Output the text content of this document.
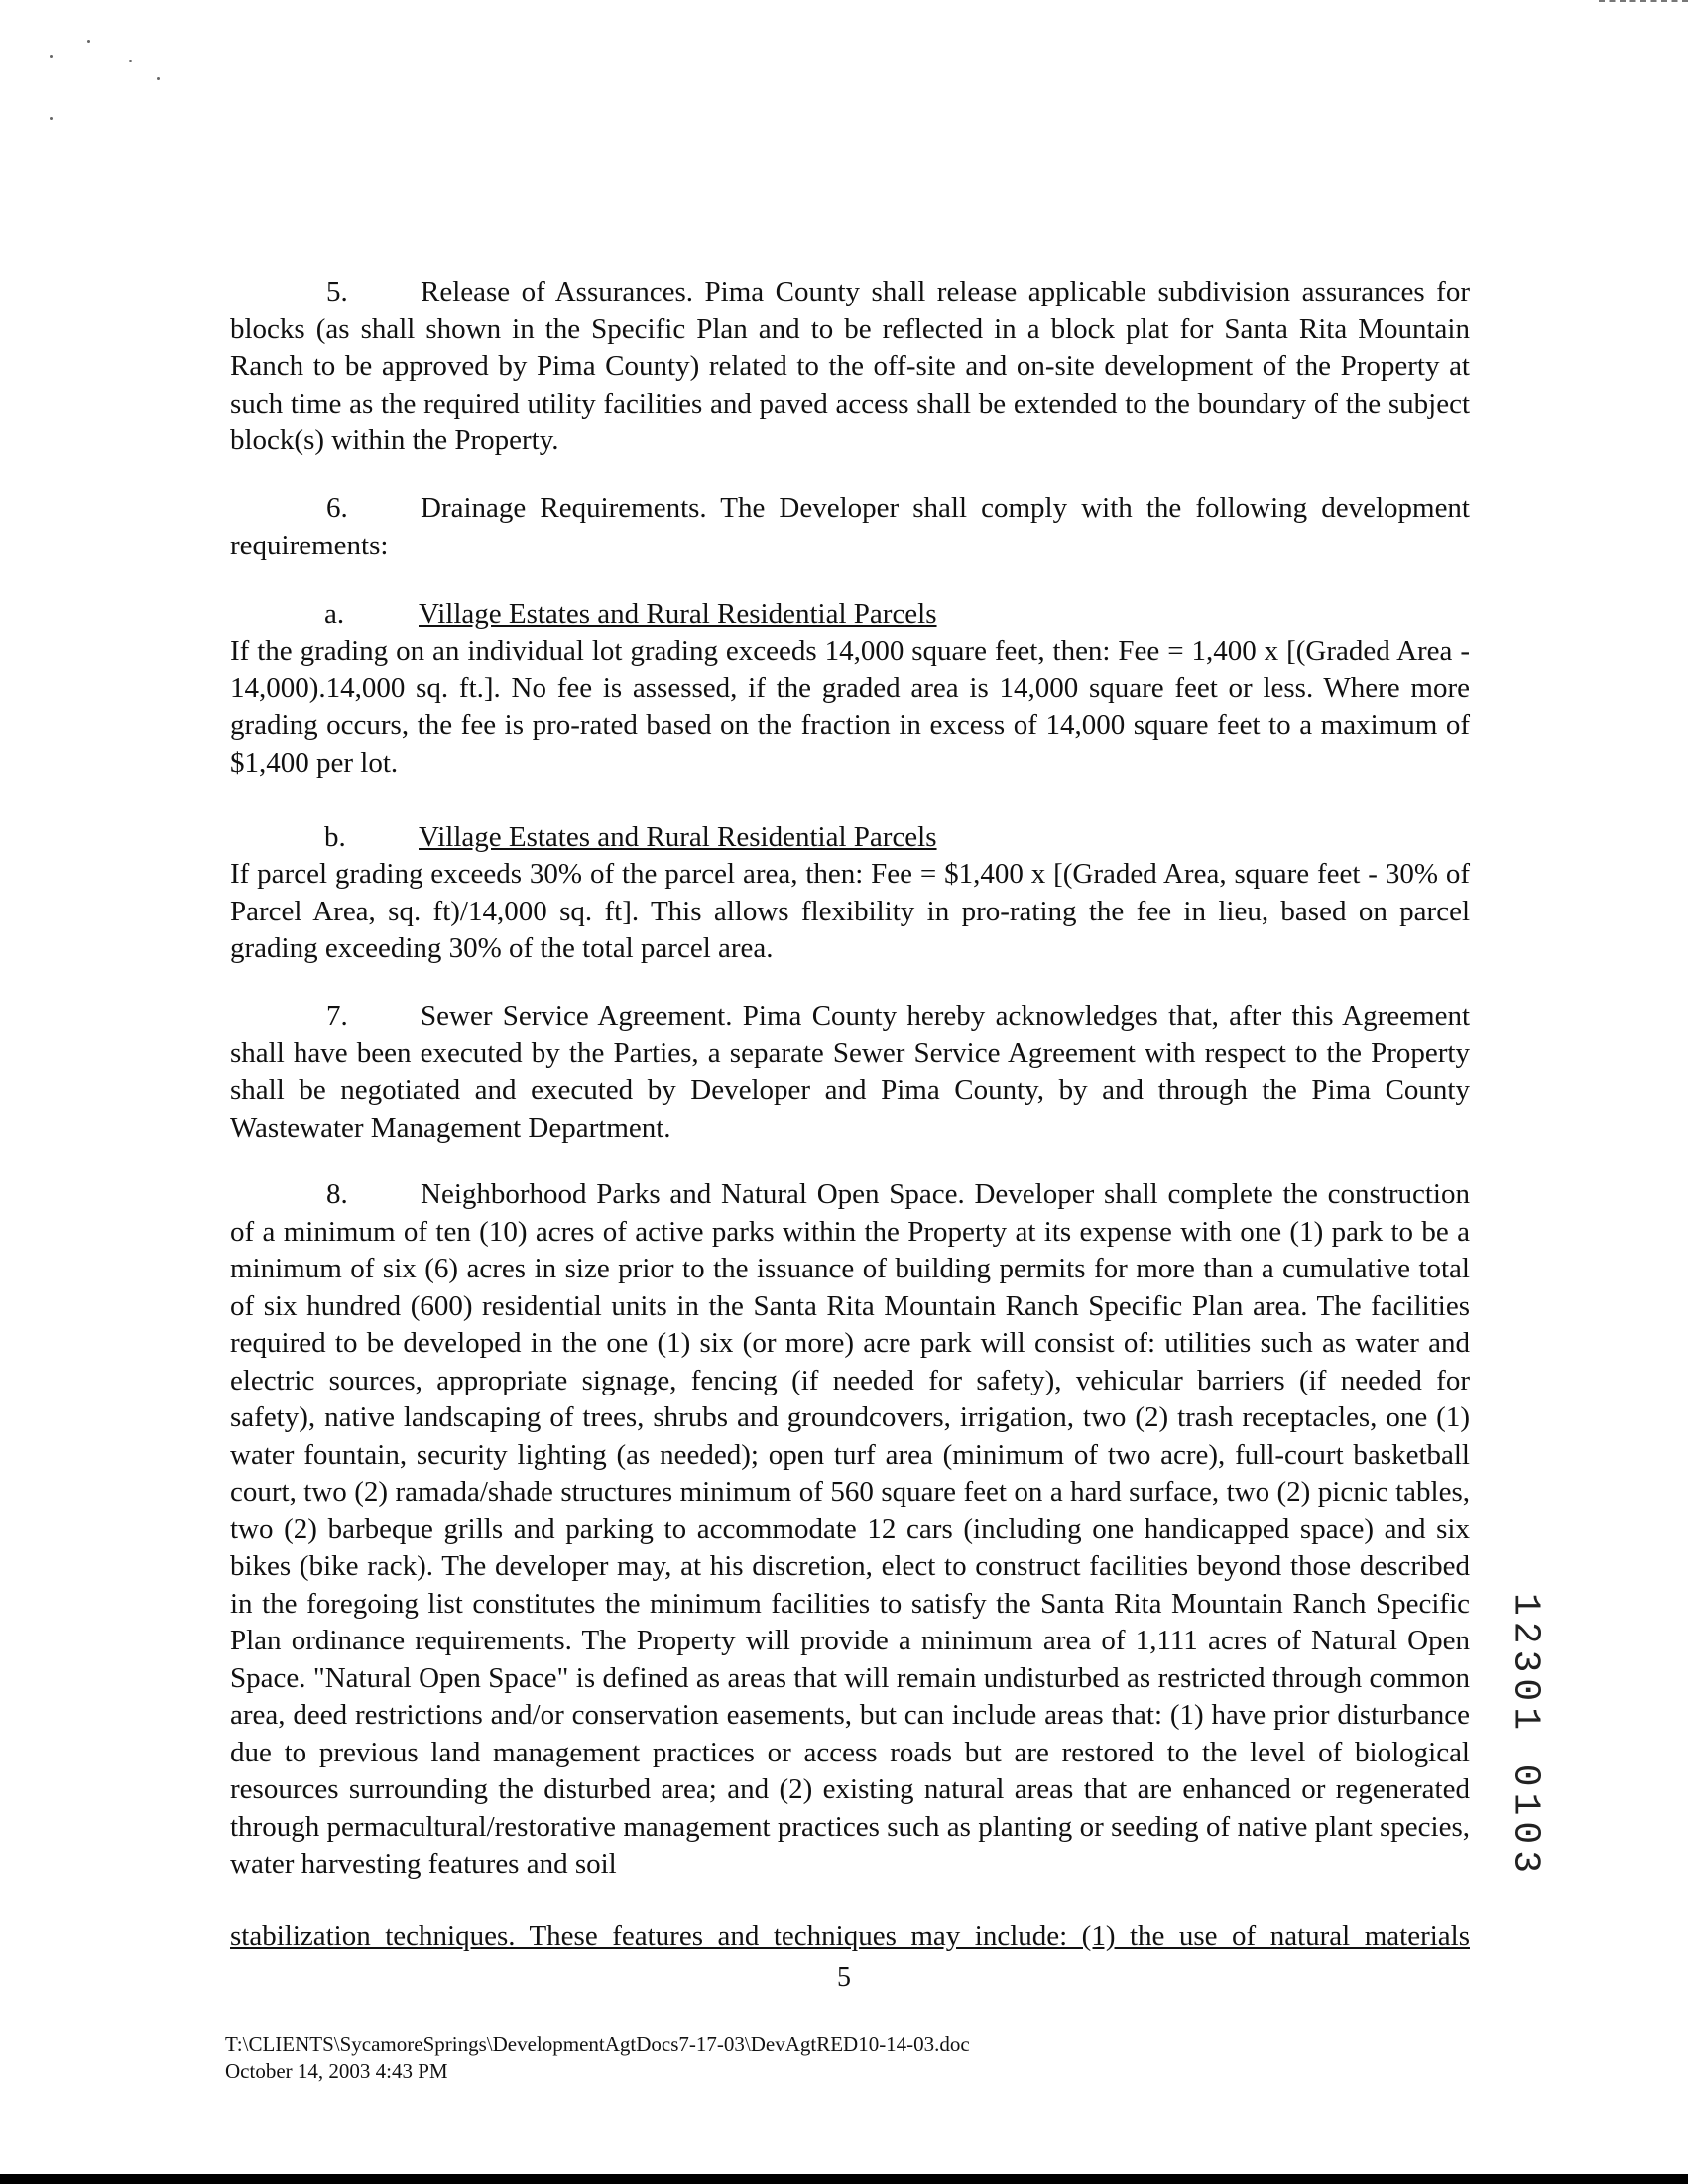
5.	Release of Assurances. Pima County shall release applicable subdivision assurances for blocks (as shall shown in the Specific Plan and to be reflected in a block plat for Santa Rita Mountain Ranch to be approved by Pima County) related to the off-site and on-site development of the Property at such time as the required utility facilities and paved access shall be extended to the boundary of the subject block(s) within the Property.
6.	Drainage Requirements. The Developer shall comply with the following development requirements:
a.	Village Estates and Rural Residential Parcels
If the grading on an individual lot grading exceeds 14,000 square feet, then: Fee = 1,400 x [(Graded Area - 14,000).14,000 sq. ft.]. No fee is assessed, if the graded area is 14,000 square feet or less. Where more grading occurs, the fee is pro-rated based on the fraction in excess of 14,000 square feet to a maximum of $1,400 per lot.
b.	Village Estates and Rural Residential Parcels
If parcel grading exceeds 30% of the parcel area, then: Fee = $1,400 x [(Graded Area, square feet - 30% of Parcel Area, sq. ft)/14,000 sq. ft]. This allows flexibility in pro-rating the fee in lieu, based on parcel grading exceeding 30% of the total parcel area.
7.	Sewer Service Agreement. Pima County hereby acknowledges that, after this Agreement shall have been executed by the Parties, a separate Sewer Service Agreement with respect to the Property shall be negotiated and executed by Developer and Pima County, by and through the Pima County Wastewater Management Department.
8.	Neighborhood Parks and Natural Open Space. Developer shall complete the construction of a minimum of ten (10) acres of active parks within the Property at its expense with one (1) park to be a minimum of six (6) acres in size prior to the issuance of building permits for more than a cumulative total of six hundred (600) residential units in the Santa Rita Mountain Ranch Specific Plan area. The facilities required to be developed in the one (1) six (or more) acre park will consist of: utilities such as water and electric sources, appropriate signage, fencing (if needed for safety), vehicular barriers (if needed for safety), native landscaping of trees, shrubs and groundcovers, irrigation, two (2) trash receptacles, one (1) water fountain, security lighting (as needed); open turf area (minimum of two acre), full-court basketball court, two (2) ramada/shade structures minimum of 560 square feet on a hard surface, two (2) picnic tables, two (2) barbeque grills and parking to accommodate 12 cars (including one handicapped space) and six bikes (bike rack). The developer may, at his discretion, elect to construct facilities beyond those described in the foregoing list constitutes the minimum facilities to satisfy the Santa Rita Mountain Ranch Specific Plan ordinance requirements. The Property will provide a minimum area of 1,111 acres of Natural Open Space. "Natural Open Space" is defined as areas that will remain undisturbed as restricted through common area, deed restrictions and/or conservation easements, but can include areas that: (1) have prior disturbance due to previous land management practices or access roads but are restored to the level of biological resources surrounding the disturbed area; and (2) existing natural areas that are enhanced or regenerated through permacultural/restorative management practices such as planting or seeding of native plant species, water harvesting features and soil
stabilization techniques. These features and techniques may include: (1) the use of natural materials
5
T:\CLIENTS\SycamoreSprings\DevelopmentAgtDocs7-17-03\DevAgtRED10-14-03.doc
October 14, 2003 4:43 PM
12301 0103
